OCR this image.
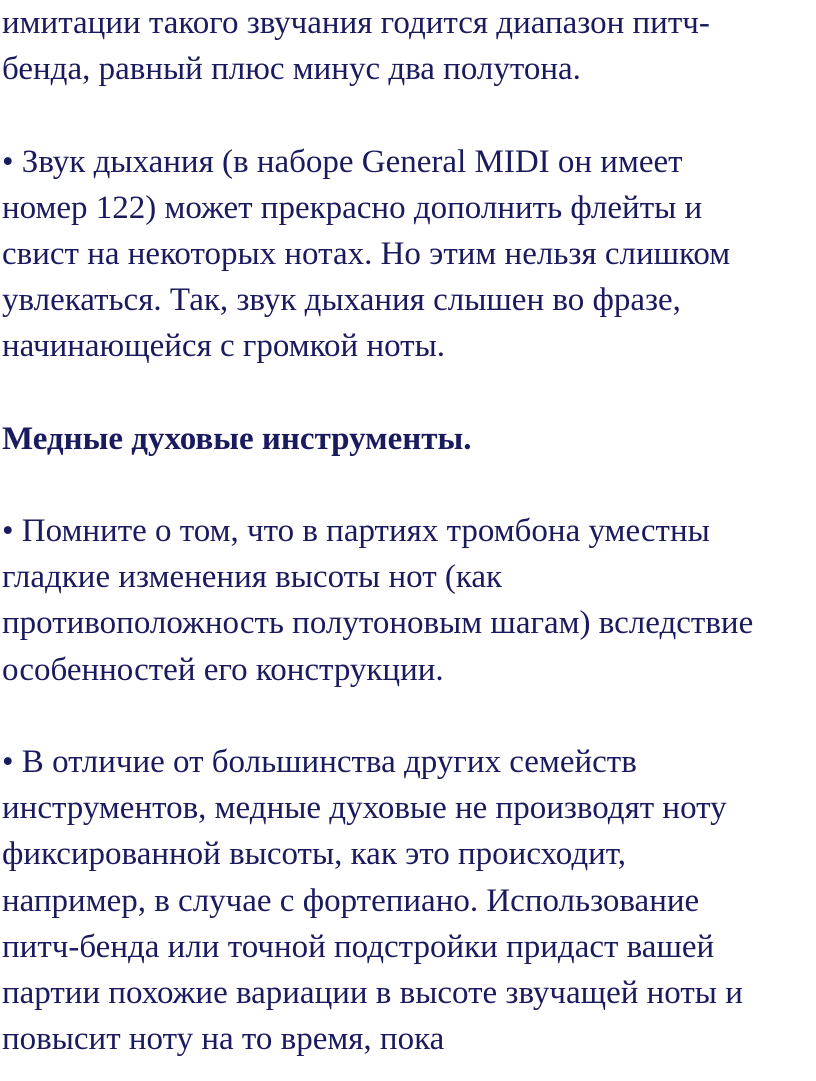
имитации такого звучания годится диапазон питч-
бенда, равный плюс минус два полутона.
• Звук дыхания (в наборе General MIDI он имеет
номер 122) может прекрасно дополнить флейты и
свист на некоторых нотах. Но этим нельзя слишком
увлекаться. Так, звук дыхания слышен во фразе,
начинающейся с громкой ноты.
Медные духовые инструменты.
• Помните о том, что в партиях тромбона уместны
гладкие изменения высоты нот (как
противоположность полутоновым шагам) вследствие
особенностей его конструкции.
• В отличие от большинства других семейств
инструментов, медные духовые не производят ноту
фиксированной высоты, как это происходит,
например, в случае с фортепиано. Использование
питч-бенда или точной подстройки придаст вашей
партии похожие вариации в высоте звучащей ноты и
повысит ноту на то время, пока
